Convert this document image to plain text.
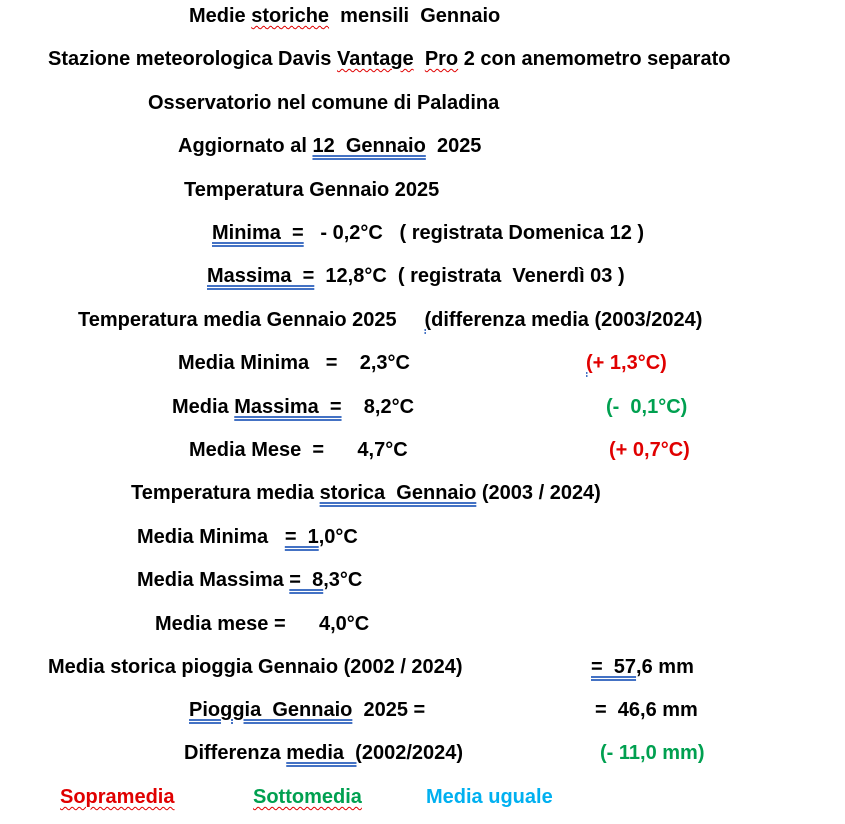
Medie storiche  mensili  Gennaio
Stazione meteorologica Davis Vantage Pro 2 con anemometro separato
Osservatorio nel comune di Paladina
Aggiornato al 12  Gennaio  2025
Temperatura Gennaio 2025
Minima  =   - 0,2°C   ( registrata Domenica 12 )
Massima  =  12,8°C  ( registrata  Venerdì 03 )
Temperatura media Gennaio 2025     (differenza media (2003/2024)
Media Minima   =    2,3°C	(+ 1,3°C)
Media Massima  =    8,2°C	(-  0,1°C)
Media Mese  =      4,7°C	(+ 0,7°C)
Temperatura media storica  Gennaio (2003 / 2024)
Media Minima   =  1,0°C
Media Massima =  8,3°C
Media mese =      4,0°C
Media storica pioggia Gennaio (2002 / 2024)	=  57,6 mm
Pioggia  Gennaio  2025 =	=  46,6 mm
Differenza media  (2002/2024)	(- 11,0 mm)
Sopramedia	Sottomedia	Media uguale
